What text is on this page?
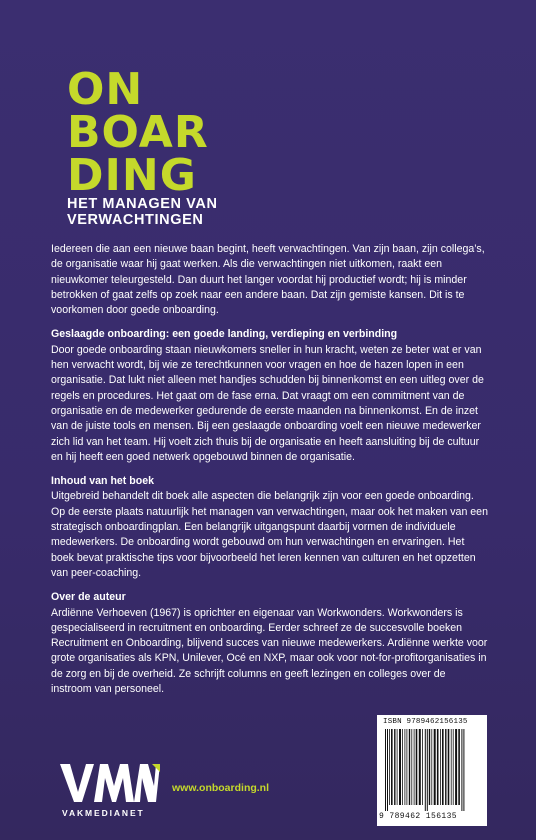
ON
BOAR
DING
HET MANAGEN VAN
VERWACHTINGEN

Iedereen die aan een nieuwe baan begint, heeft verwachtingen. Van zijn baan, zijn collega’s, de organisatie waar hij gaat werken. Als die verwachtingen niet uitkomen, raakt een nieuwkomer teleurgesteld. Dan duurt het langer voordat hij productief wordt; hij is minder betrokken of gaat zelfs op zoek naar een andere baan. Dat zijn gemiste kansen. Dit is te voorkomen door goede onboarding.

Geslaagde onboarding: een goede landing, verdieping en verbinding

Door goede onboarding staan nieuwkomers sneller in hun kracht, weten ze beter wat er van hen verwacht wordt, bij wie ze terechtkunnen voor vragen en hoe de hazen lopen in een organisatie. Dat lukt niet alleen met handjes schudden bij binnenkomst en een uitleg over de regels en procedures. Het gaat om de fase erna. Dat vraagt om een commitment van de organisatie en de medewerker gedurende de eerste maanden na binnenkomst. En de inzet van de juiste tools en mensen. Bij een geslaagde onboarding voelt een nieuwe medewerker zich lid van het team. Hij voelt zich thuis bij de organisatie en heeft aansluiting bij de cultuur en hij heeft een goed netwerk opgebouwd binnen de organisatie.

Inhoud van het boek

Uitgebreid behandelt dit boek alle aspecten die belangrijk zijn voor een goede onboarding. Op de eerste plaats natuurlijk het managen van verwachtingen, maar ook het maken van een strategisch onboardingplan. Een belangrijk uitgangspunt daarbij vormen de individuele medewerkers. De onboarding wordt gebouwd om hun verwachtingen en ervaringen. Het boek bevat praktische tips voor bijvoorbeeld het leren kennen van culturen en het opzetten van peer-coaching.

Over de auteur

Ardiënne Verhoeven (1967) is oprichter en eigenaar van Workwonders. Workwonders is gespecialiseerd in recruitment en onboarding. Eerder schreef ze de succesvolle boeken Recruitment en Onboarding, blijvend succes van nieuwe medewerkers. Ardiënne werkte voor grote organisaties als KPN, Unilever, Océ en NXP, maar ook voor not-for-profitorganisaties in de zorg en bij de overheid. Ze schrijft columns en geeft lezingen en colleges over de instroom van personeel.

ISBN 9789462156135
9 789462 156135
VAKMEDIANET
www.onboarding.nl
